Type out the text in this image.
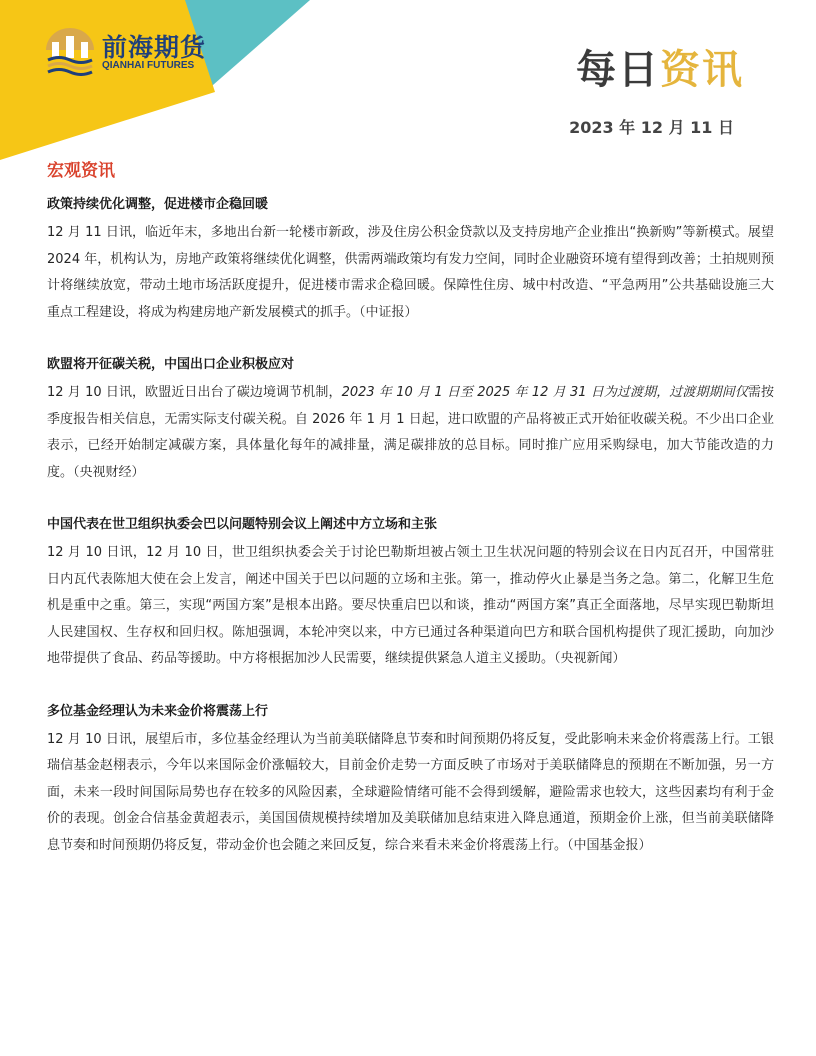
前海期货
QIANHAI FUTURES	每日资讯
2023 年 12 月 11 日
宏观资讯
政策持续优化调整，促进楼市企稳回暖

12 月 11 日讯，临近年末，多地出台新一轮楼市新政，涉及住房公积金贷款以及支持房地产企业推出“换新购”等新模式。展望 2024 年，机构认为，房地产政策将继续优化调整，供需两端政策均有发力空间，同时企业融资环境有望得到改善；土拍规则预计将继续放宽，带动土地市场活跃度提升，促进楼市需求企稳回暖。保障性住房、城中村改造、“平急两用”公共基础设施三大重点工程建设，将成为构建房地产新发展模式的抓手。（中证报）

欧盟将开征碳关税，中国出口企业积极应对

12 月 10 日讯，欧盟近日出台了碳边境调节机制，2023 年 10 月 1 日至 2025 年 12 月 31 日为过渡期，过渡期期间仅需按季度报告相关信息，无需实际支付碳关税。自 2026 年 1 月 1 日起，进口欧盟的产品将被正式开始征收碳关税。不少出口企业表示，已经开始制定减碳方案，具体量化每年的减排量，满足碳排放的总目标。同时推广应用采购绿电，加大节能改造的力度。（央视财经）

中国代表在世卫组织执委会巴以问题特别会议上阐述中方立场和主张

12 月 10 日讯，12 月 10 日，世卫组织执委会关于讨论巴勒斯坦被占领土卫生状况问题的特别会议在日内瓦召开，中国常驻日内瓦代表陈旭大使在会上发言，阐述中国关于巴以问题的立场和主张。第一，推动停火止暴是当务之急。第二，化解卫生危机是重中之重。第三，实现“两国方案”是根本出路。要尽快重启巴以和谈，推动“两国方案”真正全面落地，尽早实现巴勒斯坦人民建国权、生存权和回归权。陈旭强调，本轮冲突以来，中方已通过各种渠道向巴方和联合国机构提供了现汇援助，向加沙地带提供了食品、药品等援助。中方将根据加沙人民需要，继续提供紧急人道主义援助。（央视新闻）

多位基金经理认为未来金价将震荡上行

12 月 10 日讯，展望后市，多位基金经理认为当前美联储降息节奏和时间预期仍将反复，受此影响未来金价将震荡上行。工银瑞信基金赵栩表示，今年以来国际金价涨幅较大，目前金价走势一方面反映了市场对于美联储降息的预期在不断加强，另一方面，未来一段时间国际局势也存在较多的风险因素，全球避险情绪可能不会得到缓解，避险需求也较大，这些因素均有利于金价的表现。创金合信基金黄超表示，美国国债规模持续增加及美联储加息结束进入降息通道，预期金价上涨，但当前美联储降息节奏和时间预期仍将反复，带动金价也会随之来回反复，综合来看未来金价将震荡上行。（中国基金报）
